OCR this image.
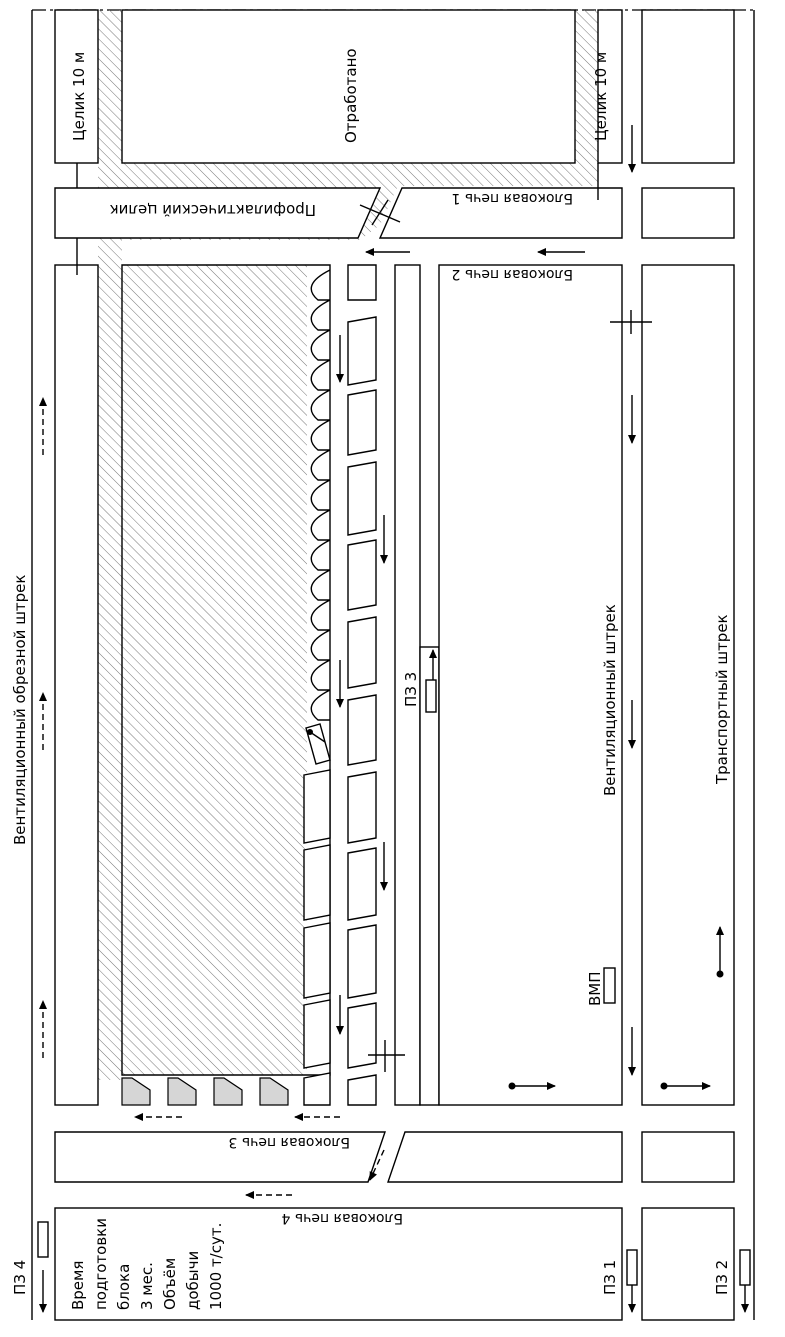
Вентиляционный обрезной штрек	Вентиляционный штрек	Транспортный штрек
Целик 10 м	Целик 10 м
Отработано
Профилактический целик
Блоковая печь 1
Блоковая печь 2
Блоковая печь 3
Блоковая печь 4
ПЗ 1	ПЗ 2
ПЗ 3
ПЗ 4
ВМП
Время подготовки блока 3 мес. Объём добычи 1000 т/сут.
